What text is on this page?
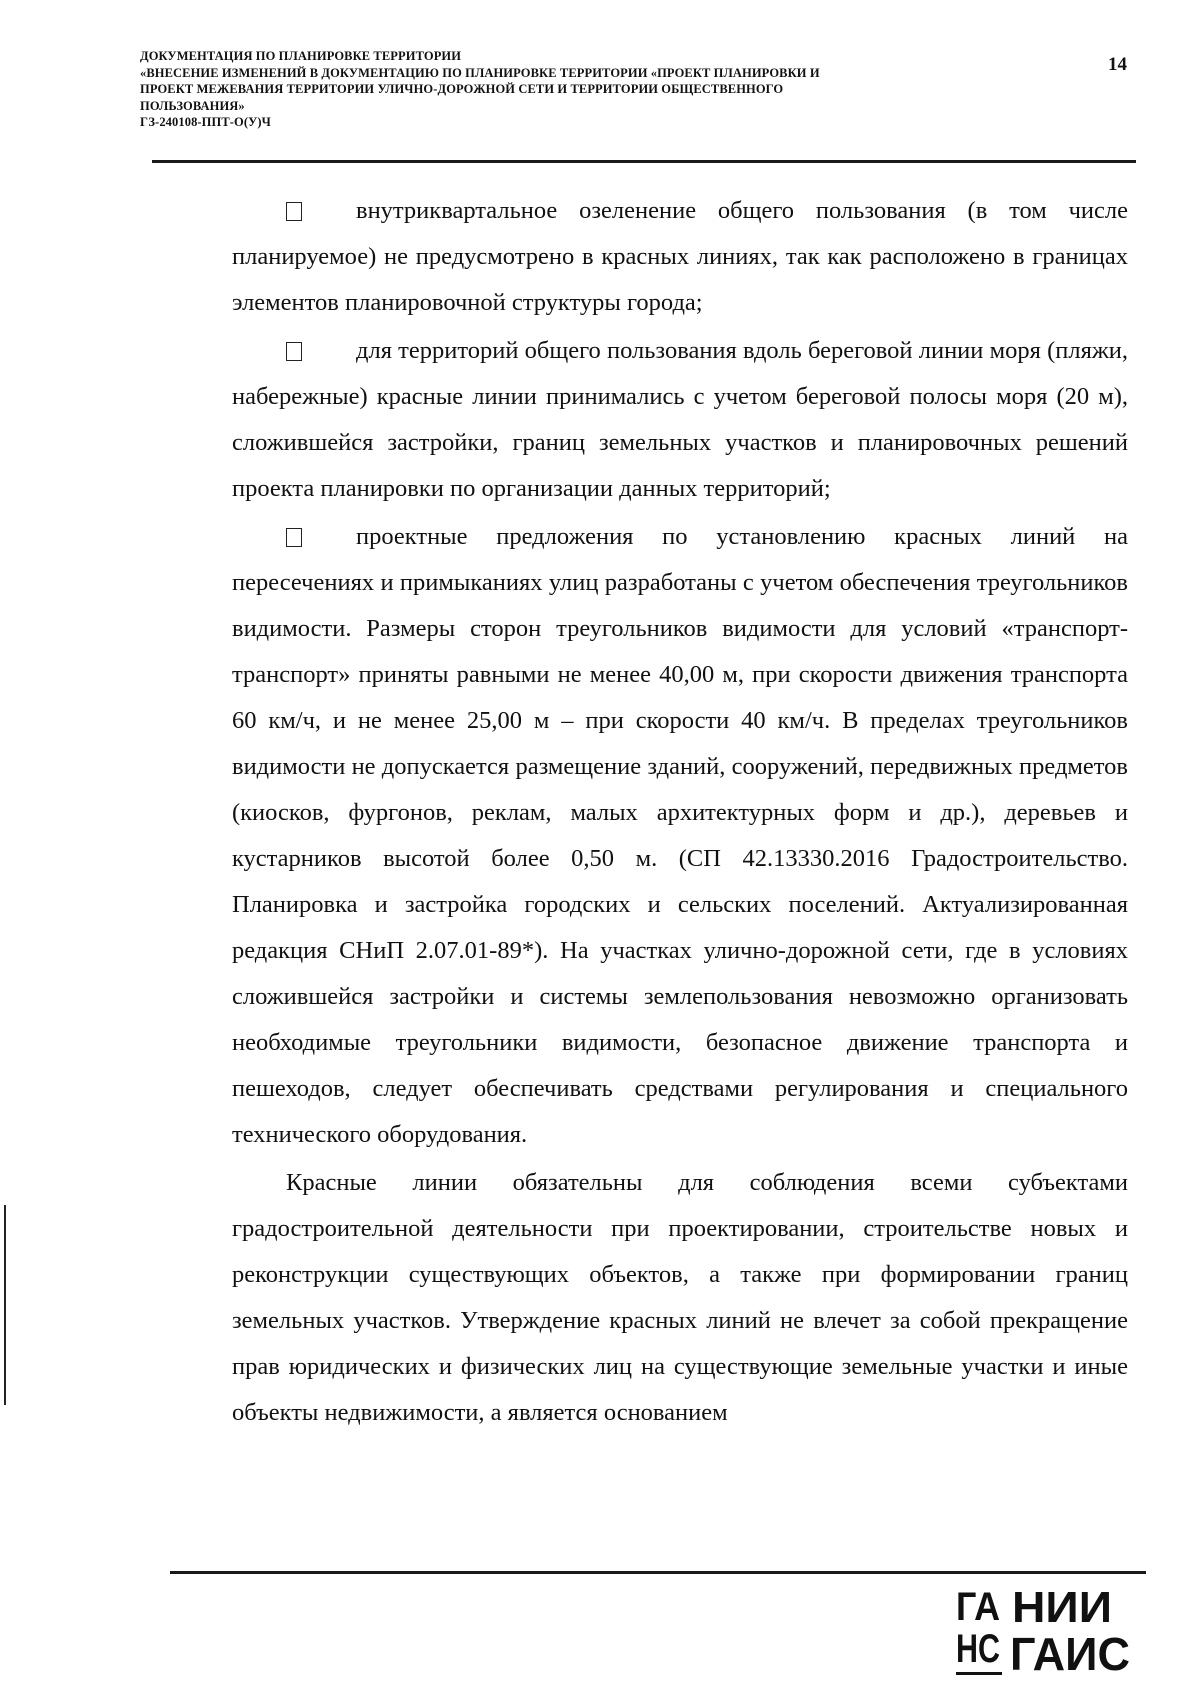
ДОКУМЕНТАЦИЯ ПО ПЛАНИРОВКЕ ТЕРРИТОРИИ
«ВНЕСЕНИЕ ИЗМЕНЕНИЙ В ДОКУМЕНТАЦИЮ ПО ПЛАНИРОВКЕ ТЕРРИТОРИИ «ПРОЕКТ ПЛАНИРОВКИ И
ПРОЕКТ МЕЖЕВАНИЯ ТЕРРИТОРИИ УЛИЧНО-ДОРОЖНОЙ СЕТИ И ТЕРРИТОРИИ ОБЩЕСТВЕННОГО
ПОЛЬЗОВАНИЯ»
ГЗ-240108-ППТ-О(У)Ч
14

внутриквартальное озеленение общего пользования (в том числе планируемое) не предусмотрено в красных линиях, так как расположено в границах элементов планировочной структуры города;

для территорий общего пользования вдоль береговой линии моря (пляжи, набережные) красные линии принимались с учетом береговой полосы моря (20 м), сложившейся застройки, границ земельных участков и планировочных решений проекта планировки по организации данных территорий;

проектные предложения по установлению красных линий на пересечениях и примыканиях улиц разработаны с учетом обеспечения треугольников видимости. Размеры сторон треугольников видимости для условий «транспорт-транспорт» приняты равными не менее 40,00 м, при скорости движения транспорта 60 км/ч, и не менее 25,00 м – при скорости 40 км/ч. В пределах треугольников видимости не допускается размещение зданий, сооружений, передвижных предметов (киосков, фургонов, реклам, малых архитектурных форм и др.), деревьев и кустарников высотой более 0,50 м. (СП 42.13330.2016 Градостроительство. Планировка и застройка городских и сельских поселений. Актуализированная редакция СНиП 2.07.01-89*). На участках улично-дорожной сети, где в условиях сложившейся застройки и системы землепользования невозможно организовать необходимые треугольники видимости, безопасное движение транспорта и пешеходов, следует обеспечивать средствами регулирования и специального технического оборудования.

Красные линии обязательны для соблюдения всеми субъектами градостроительной деятельности при проектировании, строительстве новых и реконструкции существующих объектов, а также при формировании границ земельных участков. Утверждение красных линий не влечет за собой прекращение прав юридических и физических лиц на существующие земельные участки и иные объекты недвижимости, а является основанием

ГА
НС
НИИ
ГАИС
